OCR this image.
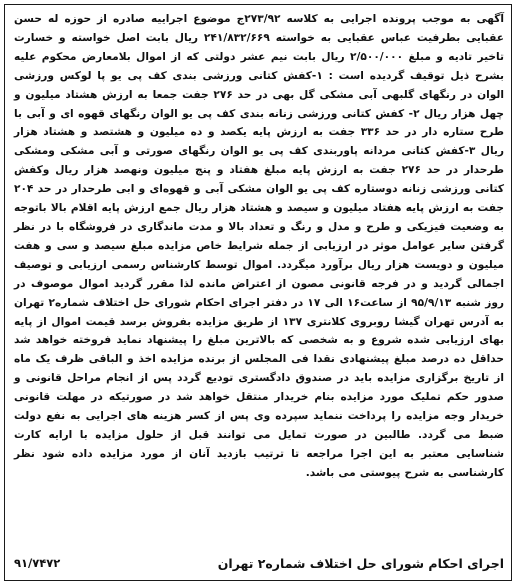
آگهی به موجب پرونده اجرایی به کلاسه ۲۷۳/۹۲ج موضوع اجراییه صادره از حوزه له حسن عقبایی بطرفیت عباس عقبایی به خواسته ۲۴۱/۸۳۲/۶۶۹ ریال بابت اصل خواسته و خسارت تاخیر تادیه و مبلغ ۲/۵۰۰/۰۰۰ ریال بابت نیم عشر دولتی که از اموال بلامعارض محکوم علیه بشرح ذیل توقیف گردیده است : ۱-کفش کتانی ورزشی بندی کف پی یو پا لوکس ورزشی الوان در رنگهای گلبهی آبی مشکی گل بهی در حد ۲۷۶ جفت جمعا به ارزش هشتاد میلیون و چهل هزار ریال ۲- کفش کتانی ورزشی زنانه بندی کف پی یو الوان رنگهای قهوه ای و آبی با طرح ستاره دار در حد ۳۳۶ جفت به ارزش پایه یکصد و ده میلیون و هشتصد و هشتاد هزار ریال ۳-کفش کتانی مردانه پاوربندی کف پی یو الوان رنگهای صورتی و آبی مشکی ومشکی طرحدار در حد ۲۷۶ جفت به ارزش پایه مبلغ هفتاد و پنج میلیون ونهصد هزار ریال وکفش کتانی ورزشی زنانه دوستاره کف پی یو الوان مشکی آبی و قهوه‌ای و ابی طرحدار در حد ۲۰۴ جفت به ارزش پایه هفتاد میلیون و سیصد و هشتاد هزار ریال جمع ارزش پایه اقلام بالا باتوجه به وضعیت فیزیکی و طرح و مدل و رنگ و تعداد بالا و مدت ماندگاری در فروشگاه با در نظر گرفتن سایر عوامل موثر در ارزیابی از جمله شرایط خاص مزایده مبلغ سیصد و سی و هفت میلیون و دویست هزار ریال برآورد میگردد. اموال توسط کارشناس رسمی ارزیابی و توصیف اجمالی گردید و در فرجه قانونی مصون از اعتراض مانده لذا مقرر گردید اموال موصوف در روز شنبه ۹۵/۹/۱۳ از ساعت۱۶ الی ۱۷ در دفتر اجرای احکام شورای حل اختلاف شماره۲ تهران به آدرس تهران گیشا روبروی کلانتری ۱۳۷ از طریق مزایده بفروش برسد قیمت اموال از پایه بهای ارزیابی شده شروع و به شخصی که بالاترین مبلغ را پیشنهاد نماید فروخته خواهد شد حداقل ده درصد مبلغ پیشنهادی نقدا فی المجلس از برنده مزایده اخذ و الباقی ظرف یک ماه از تاریخ برگزاری مزایده باید در صندوق دادگستری تودیع گردد پس از انجام مراحل قانونی و صدور حکم تملیک مورد مزایده بنام خریدار منتقل خواهد شد در صورتیکه در مهلت قانونی خریدار وجه مزایده را پرداخت ننماید سپرده وی پس از کسر هزینه های اجرایی به نفع دولت ضبط می گردد. طالبین در صورت تمایل می توانند قبل از حلول مزایده با ارایه کارت شناسایی معتبر به این اجرا مراجعه تا ترتیب بازدید آنان از مورد مزایده داده شود نظر کارشناسی به شرح پیوستی می باشد.
اجرای احکام شورای حل اختلاف شماره۲ تهران
۹۱/۷۴۷۲
